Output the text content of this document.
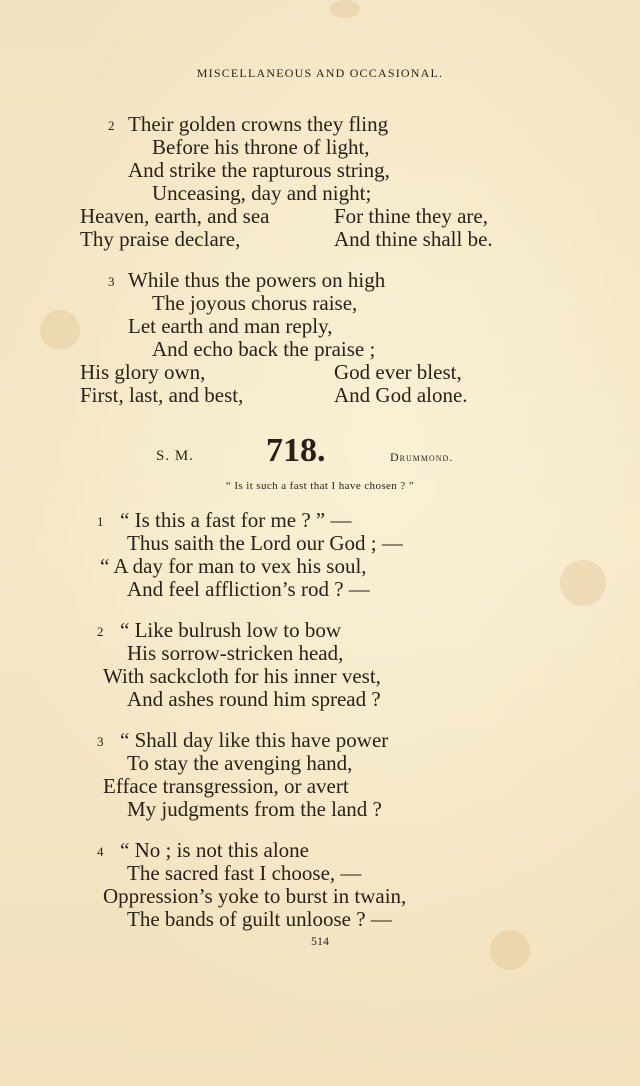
MISCELLANEOUS AND OCCASIONAL.
2 Their golden crowns they fling
Before his throne of light,
And strike the rapturous string,
Unceasing, day and night;
Heaven, earth, and sea	For thine they are,
Thy praise declare,	And thine shall be.
3 While thus the powers on high
The joyous chorus raise,
Let earth and man reply,
And echo back the praise ;
His glory own,	God ever blest,
First, last, and best,	And God alone.
S. M. 718.	Drummond.
“ Is it such a fast that I have chosen ? ”
1 “ Is this a fast for me ? ” —
Thus saith the Lord our God ; —
“ A day for man to vex his soul,
And feel affliction’s rod ? —
2 “ Like bulrush low to bow
His sorrow-stricken head,
With sackcloth for his inner vest,
And ashes round him spread ?
3 “ Shall day like this have power
To stay the avenging hand,
Efface transgression, or avert
My judgments from the land ?
4 “ No ; is not this alone
The sacred fast I choose, —
Oppression’s yoke to burst in twain,
The bands of guilt unloose ? —
514
